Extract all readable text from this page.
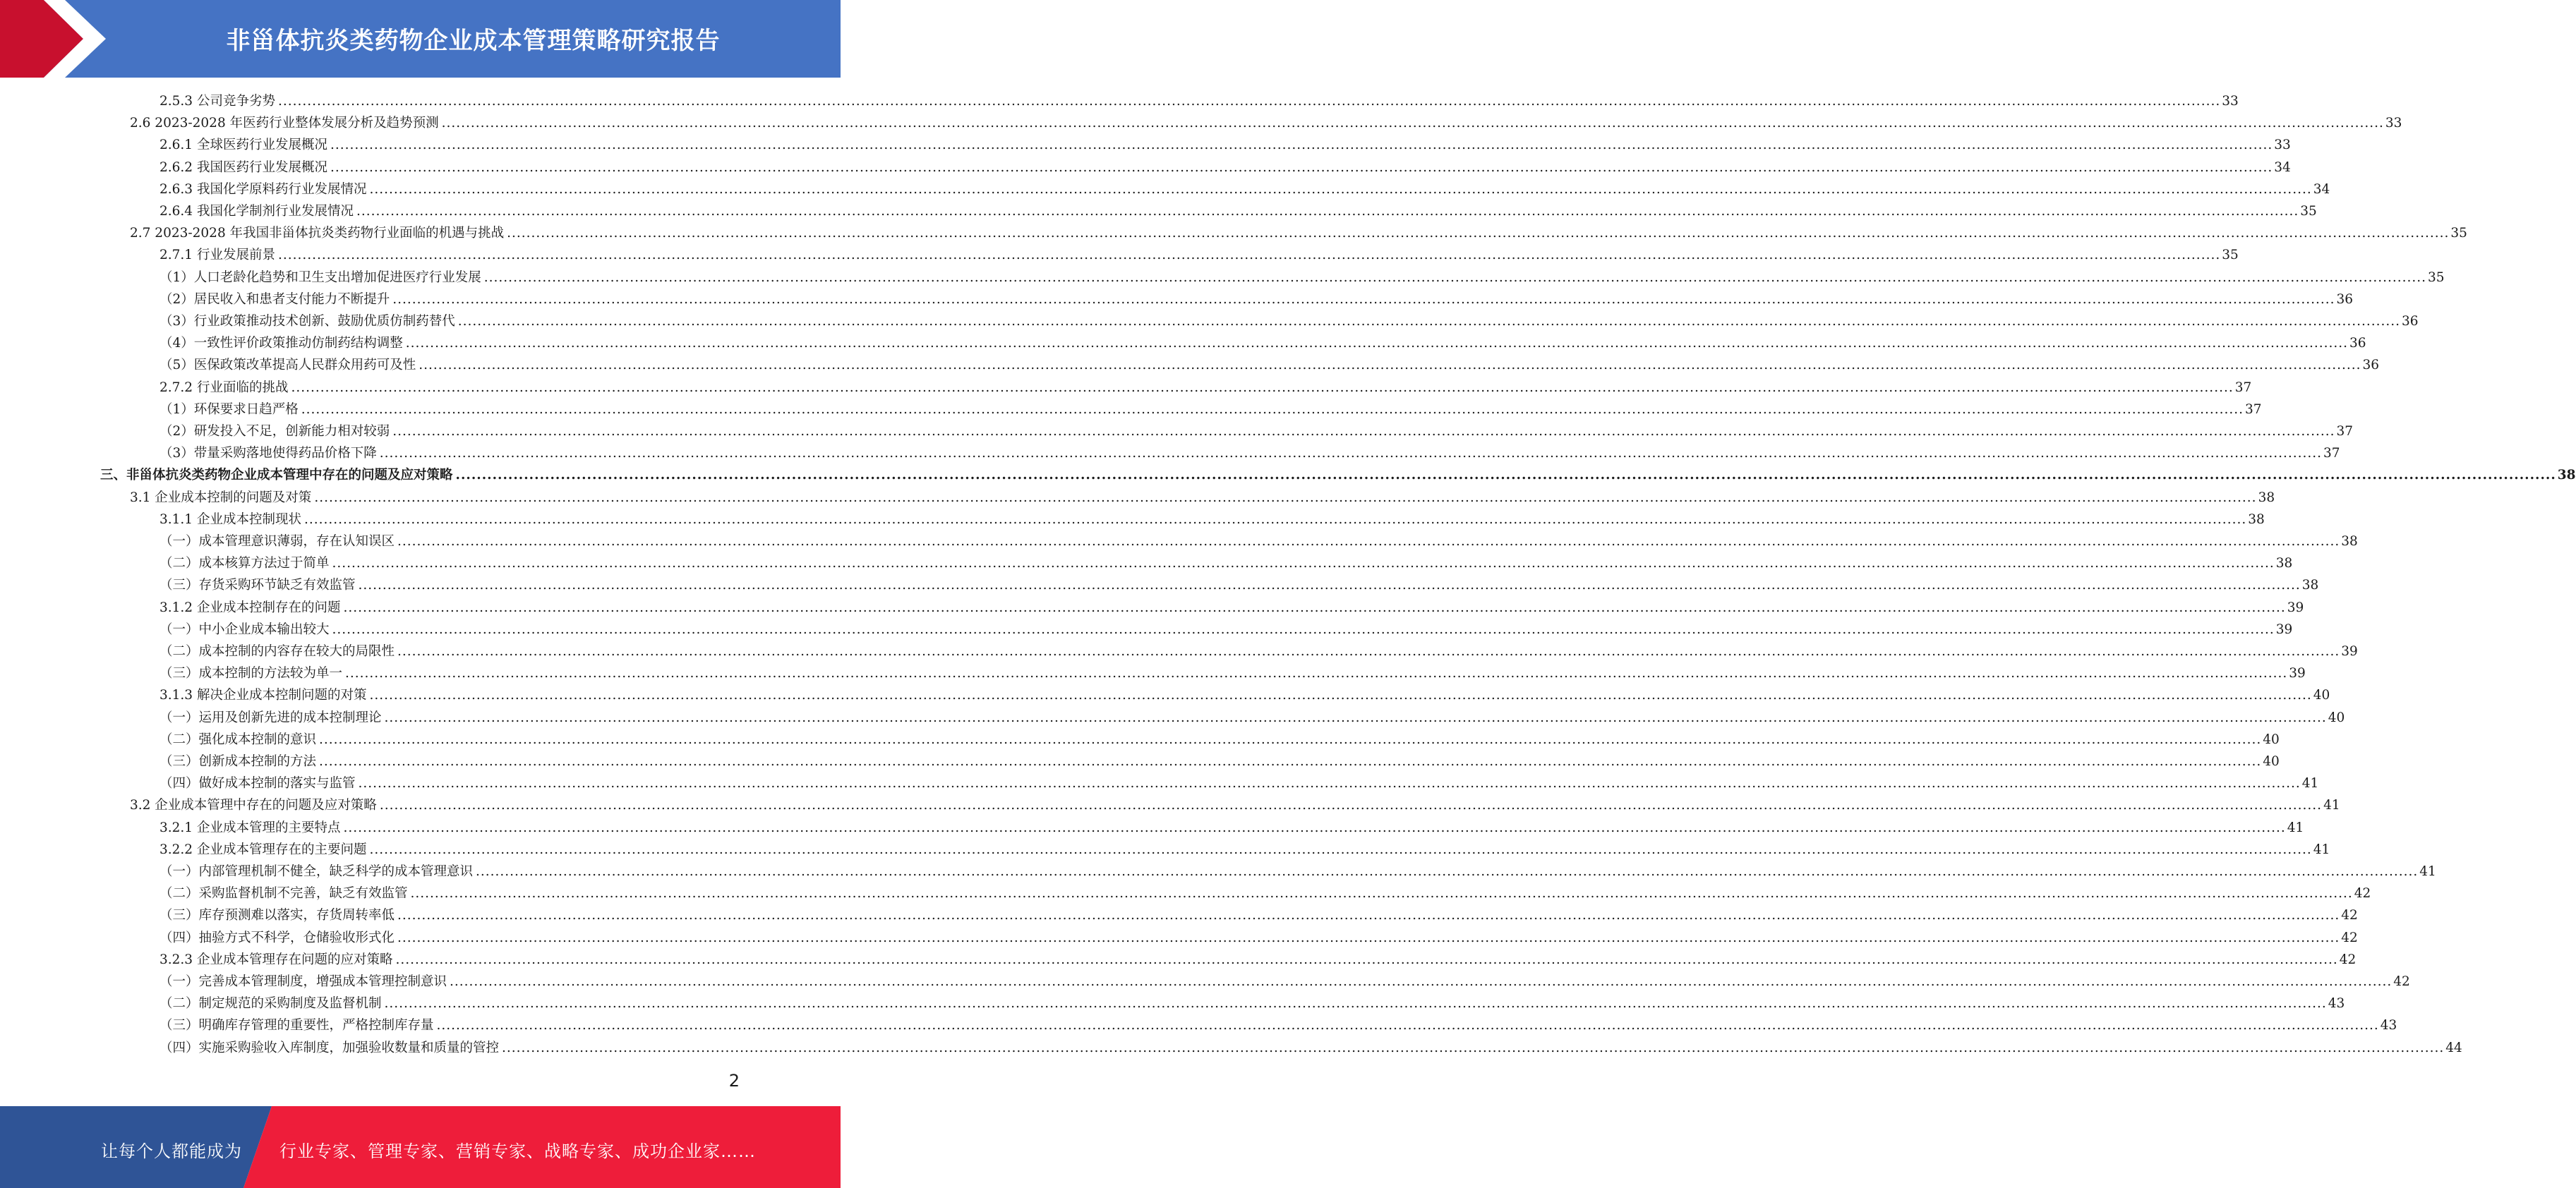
非甾体抗炎类药物企业成本管理策略研究报告
2.5.3 公司竞争劣势 ................................................................................................................................................................................................................................................................................................................................................................................................................ 33
2.6 2023-2028 年医药行业整体发展分析及趋势预测 ................................................................................................................................................................................................................................................................................................................................................................................................................ 33
2.6.1 全球医药行业发展概况 ................................................................................................................................................................................................................................................................................................................................................................................................................ 33
2.6.2 我国医药行业发展概况 ................................................................................................................................................................................................................................................................................................................................................................................................................ 34
2.6.3 我国化学原料药行业发展情况 ................................................................................................................................................................................................................................................................................................................................................................................................................ 34
2.6.4 我国化学制剂行业发展情况 ................................................................................................................................................................................................................................................................................................................................................................................................................ 35
2.7 2023-2028 年我国非甾体抗炎类药物行业面临的机遇与挑战 ................................................................................................................................................................................................................................................................................................................................................................................................................ 35
2.7.1 行业发展前景 ................................................................................................................................................................................................................................................................................................................................................................................................................ 35
（1）人口老龄化趋势和卫生支出增加促进医疗行业发展 ................................................................................................................................................................................................................................................................................................................................................................................................................ 35
（2）居民收入和患者支付能力不断提升 ................................................................................................................................................................................................................................................................................................................................................................................................................ 36
（3）行业政策推动技术创新、鼓励优质仿制药替代 ................................................................................................................................................................................................................................................................................................................................................................................................................ 36
（4）一致性评价政策推动仿制药结构调整 ................................................................................................................................................................................................................................................................................................................................................................................................................ 36
（5）医保政策改革提高人民群众用药可及性 ................................................................................................................................................................................................................................................................................................................................................................................................................ 36
2.7.2 行业面临的挑战 ................................................................................................................................................................................................................................................................................................................................................................................................................ 37
（1）环保要求日趋严格 ................................................................................................................................................................................................................................................................................................................................................................................................................ 37
（2）研发投入不足，创新能力相对较弱 ................................................................................................................................................................................................................................................................................................................................................................................................................ 37
（3）带量采购落地使得药品价格下降 ................................................................................................................................................................................................................................................................................................................................................................................................................ 37
三、非甾体抗炎类药物企业成本管理中存在的问题及应对策略 ................................................................................................................................................................................................................................................................................................................................................................................................................ 38
3.1 企业成本控制的问题及对策 ................................................................................................................................................................................................................................................................................................................................................................................................................ 38
3.1.1 企业成本控制现状 ................................................................................................................................................................................................................................................................................................................................................................................................................ 38
（一）成本管理意识薄弱，存在认知误区 ................................................................................................................................................................................................................................................................................................................................................................................................................ 38
（二）成本核算方法过于简单 ................................................................................................................................................................................................................................................................................................................................................................................................................ 38
（三）存货采购环节缺乏有效监管 ................................................................................................................................................................................................................................................................................................................................................................................................................ 38
3.1.2 企业成本控制存在的问题 ................................................................................................................................................................................................................................................................................................................................................................................................................ 39
（一）中小企业成本输出较大 ................................................................................................................................................................................................................................................................................................................................................................................................................ 39
（二）成本控制的内容存在较大的局限性 ................................................................................................................................................................................................................................................................................................................................................................................................................ 39
（三）成本控制的方法较为单一 ................................................................................................................................................................................................................................................................................................................................................................................................................ 39
3.1.3 解决企业成本控制问题的对策 ................................................................................................................................................................................................................................................................................................................................................................................................................ 40
（一）运用及创新先进的成本控制理论 ................................................................................................................................................................................................................................................................................................................................................................................................................ 40
（二）强化成本控制的意识 ................................................................................................................................................................................................................................................................................................................................................................................................................ 40
（三）创新成本控制的方法 ................................................................................................................................................................................................................................................................................................................................................................................................................ 40
（四）做好成本控制的落实与监管 ................................................................................................................................................................................................................................................................................................................................................................................................................ 41
3.2 企业成本管理中存在的问题及应对策略 ................................................................................................................................................................................................................................................................................................................................................................................................................ 41
3.2.1 企业成本管理的主要特点 ................................................................................................................................................................................................................................................................................................................................................................................................................ 41
3.2.2 企业成本管理存在的主要问题 ................................................................................................................................................................................................................................................................................................................................................................................................................ 41
（一）内部管理机制不健全，缺乏科学的成本管理意识 ................................................................................................................................................................................................................................................................................................................................................................................................................ 41
（二）采购监督机制不完善，缺乏有效监管 ................................................................................................................................................................................................................................................................................................................................................................................................................ 42
（三）库存预测难以落实，存货周转率低 ................................................................................................................................................................................................................................................................................................................................................................................................................ 42
（四）抽验方式不科学，仓储验收形式化 ................................................................................................................................................................................................................................................................................................................................................................................................................ 42
3.2.3 企业成本管理存在问题的应对策略 ................................................................................................................................................................................................................................................................................................................................................................................................................ 42
（一）完善成本管理制度，增强成本管理控制意识 ................................................................................................................................................................................................................................................................................................................................................................................................................ 42
（二）制定规范的采购制度及监督机制 ................................................................................................................................................................................................................................................................................................................................................................................................................ 43
（三）明确库存管理的重要性，严格控制库存量 ................................................................................................................................................................................................................................................................................................................................................................................................................ 43
（四）实施采购验收入库制度，加强验收数量和质量的管控 ................................................................................................................................................................................................................................................................................................................................................................................................................ 44
2
让每个人都能成为 行业专家、管理专家、营销专家、战略专家、成功企业家……
